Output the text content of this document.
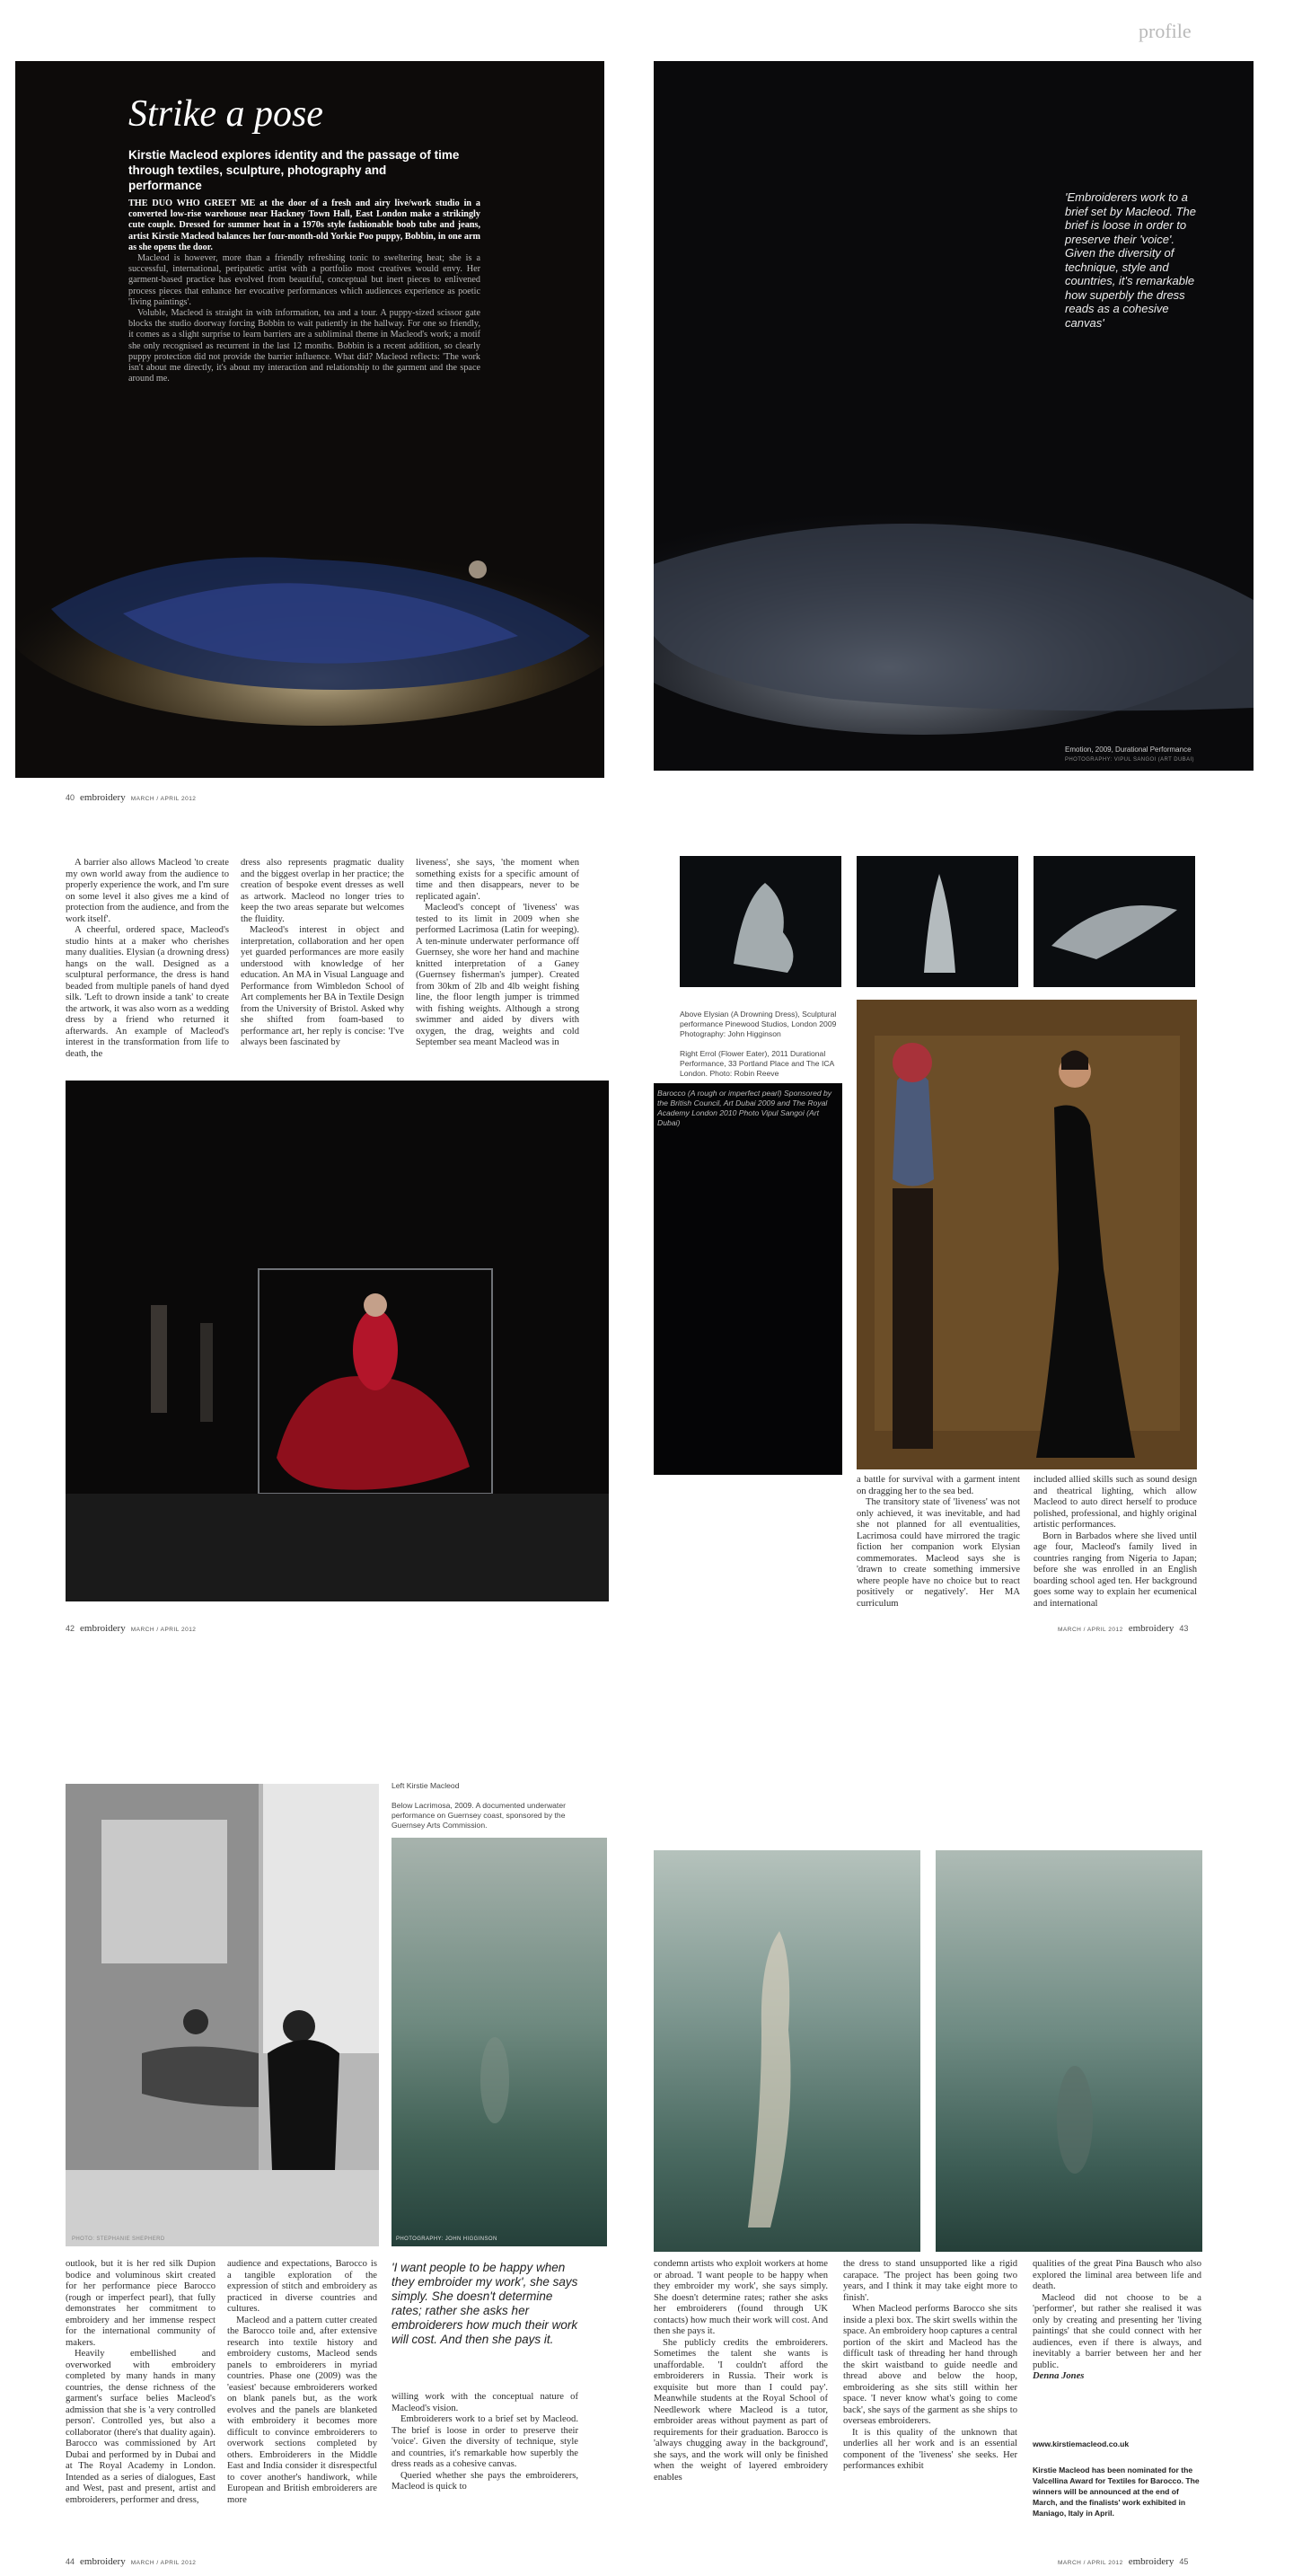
profile
Strike a pose
Kirstie Macleod explores identity and the passage of time through textiles, sculpture, photography and performance

THE DUO WHO GREET ME at the door of a fresh and airy live/work studio in a converted low-rise warehouse near Hackney Town Hall, East London make a strikingly cute couple. Dressed for summer heat in a 1970s style fashionable boob tube and jeans, artist Kirstie Macleod balances her four-month-old Yorkie Poo puppy, Bobbin, in one arm as she opens the door.

Macleod is however, more than a friendly refreshing tonic to sweltering heat; she is a successful, international, peripatetic artist with a portfolio most creatives would envy. Her garment-based practice has evolved from beautiful, conceptual but inert pieces to enlivened process pieces that enhance her evocative performances which audiences experience as poetic 'living paintings'.

Voluble, Macleod is straight in with information, tea and a tour. A puppy-sized scissor gate blocks the studio doorway forcing Bobbin to wait patiently in the hallway. For one so friendly, it comes as a slight surprise to learn barriers are a subliminal theme in Macleod's work; a motif she only recognised as recurrent in the last 12 months. Bobbin is a recent addition, so clearly puppy protection did not provide the barrier influence. What did? Macleod reflects: 'The work isn't about me directly, it's about my interaction and relationship to the garment and the space around me.

40 embroidery MARCH / APRIL 2012
'Embroiderers work to a brief set by Macleod. The brief is loose in order to preserve their 'voice'. Given the diversity of technique, style and countries, it's remarkable how superbly the dress reads as a cohesive canvas'
Emotion, 2009, Durational Performance
PHOTOGRAPHY: VIPUL SANGOI (ART DUBAI)

A barrier also allows Macleod 'to create my own world away from the audience to properly experience the work, and I'm sure on some level it also gives me a kind of protection from the audience, and from the work itself'.

A cheerful, ordered space, Macleod's studio hints at a maker who cherishes many dualities. Elysian (a drowning dress) hangs on the wall. Designed as a sculptural performance, the dress is hand beaded from multiple panels of hand dyed silk. 'Left to drown inside a tank' to create the artwork, it was also worn as a wedding dress by a friend who returned it afterwards. An example of Macleod's interest in the transformation from life to death, the

dress also represents pragmatic duality and the biggest overlap in her practice; the creation of bespoke event dresses as well as artwork. Macleod no longer tries to keep the two areas separate but welcomes the fluidity.

Macleod's interest in object and interpretation, collaboration and her open yet guarded performances are more easily understood with knowledge of her education. An MA in Visual Language and Performance from Wimbledon School of Art complements her BA in Textile Design from the University of Bristol. Asked why she shifted from foam-based to performance art, her reply is concise: 'I've always been fascinated by

liveness', she says, 'the moment when something exists for a specific amount of time and then disappears, never to be replicated again'.

Macleod's concept of 'liveness' was tested to its limit in 2009 when she performed Lacrimosa (Latin for weeping). A ten-minute underwater performance off Guernsey, she wore her hand and machine knitted interpretation of a Ganey (Guernsey fisherman's jumper). Created from 30km of 2lb and 4lb weight fishing line, the floor length jumper is trimmed with fishing weights. Although a strong swimmer and aided by divers with oxygen, the drag, weights and cold September sea meant Macleod was in

42 embroidery MARCH / APRIL 2012
Above Elysian (A Drowning Dress), Sculptural performance Pinewood Studios, London 2009 Photography: John Higginson
Right Errol (Flower Eater), 2011 Durational Performance, 33 Portland Place and The ICA London. Photo: Robin Reeve
Barocco (A rough or imperfect pearl) Sponsored by the British Council, Art Dubai 2009 and The Royal Academy London 2010 Photo Vipul Sangoi (Art Dubai)

a battle for survival with a garment intent on dragging her to the sea bed.

The transitory state of 'liveness' was not only achieved, it was inevitable, and had she not planned for all eventualities, Lacrimosa could have mirrored the tragic fiction her companion work Elysian commemorates. Macleod says she is 'drawn to create something immersive where people have no choice but to react positively or negatively'. Her MA curriculum

included allied skills such as sound design and theatrical lighting, which allow Macleod to auto direct herself to produce polished, professional, and highly original artistic performances.

Born in Barbados where she lived until age four, Macleod's family lived in countries ranging from Nigeria to Japan; before she was enrolled in an English boarding school aged ten. Her background goes some way to explain her ecumenical and international

MARCH / APRIL 2012 embroidery 43
PHOTO: STEPHANIE SHEPHERD
Left Kirstie Macleod
Below Lacrimosa, 2009. A documented underwater performance on Guernsey coast, sponsored by the Guernsey Arts Commission.
PHOTOGRAPHY: JOHN HIGGINSON

outlook, but it is her red silk Dupion bodice and voluminous skirt created for her performance piece Barocco (rough or imperfect pearl), that fully demonstrates her commitment to embroidery and her immense respect for the international community of makers.

Heavily embellished and overworked with embroidery completed by many hands in many countries, the dense richness of the garment's surface belies Macleod's admission that she is 'a very controlled person'. Controlled yes, but also a collaborator (there's that duality again). Barocco was commissioned by Art Dubai and performed by in Dubai and at The Royal Academy in London. Intended as a series of dialogues, East and West, past and present, artist and embroiderers, performer and dress,

audience and expectations, Barocco is a tangible exploration of the expression of stitch and embroidery as practiced in diverse countries and cultures.

Macleod and a pattern cutter created the Barocco toile and, after extensive research into textile history and embroidery customs, Macleod sends panels to embroiderers in myriad countries. Phase one (2009) was the 'easiest' because embroiderers worked on blank panels but, as the work evolves and the panels are blanketed with embroidery it becomes more difficult to convince embroiderers to overwork sections completed by others. Embroiderers in the Middle East and India consider it disrespectful to cover another's handiwork, while European and British embroiderers are more

'I want people to be happy when they embroider my work', she says simply. She doesn't determine rates; rather she asks her embroiderers how much their work will cost. And then she pays it.

willing work with the conceptual nature of Macleod's vision.

Embroiderers work to a brief set by Macleod. The brief is loose in order to preserve their 'voice'. Given the diversity of technique, style and countries, it's remarkable how superbly the dress reads as a cohesive canvas.

Queried whether she pays the embroiderers, Macleod is quick to

44 embroidery MARCH / APRIL 2012

condemn artists who exploit workers at home or abroad. 'I want people to be happy when they embroider my work', she says simply. She doesn't determine rates; rather she asks her embroiderers (found through UK contacts) how much their work will cost. And then she pays it.

She publicly credits the embroiderers. Sometimes the talent she wants is unaffordable. 'I couldn't afford the embroiderers in Russia. Their work is exquisite but more than I could pay'. Meanwhile students at the Royal School of Needlework where Macleod is a tutor, embroider areas without payment as part of requirements for their graduation. Barocco is 'always chugging away in the background', she says, and the work will only be finished when the weight of layered embroidery enables

the dress to stand unsupported like a rigid carapace. 'The project has been going two years, and I think it may take eight more to finish'.

When Macleod performs Barocco she sits inside a plexi box. The skirt swells within the space. An embroidery hoop captures a central portion of the skirt and Macleod has the difficult task of threading her hand through the skirt waistband to guide needle and thread above and below the hoop, embroidering as she sits still within her space. 'I never know what's going to come back', she says of the garment as she ships to overseas embroiderers.

It is this quality of the unknown that underlies all her work and is an essential component of the 'liveness' she seeks. Her performances exhibit

qualities of the great Pina Bausch who also explored the liminal area between life and death.

Macleod did not choose to be a 'performer', but rather she realised it was only by creating and presenting her 'living paintings' that she could connect with her audiences, even if there is always, and inevitably a barrier between her and her public.

Denna Jones

www.kirstiemacleod.co.uk
Kirstie Macleod has been nominated for the Valcellina Award for Textiles for Barocco. The winners will be announced at the end of March, and the finalists' work exhibited in Maniago, Italy in April.
MARCH / APRIL 2012 embroidery 45
